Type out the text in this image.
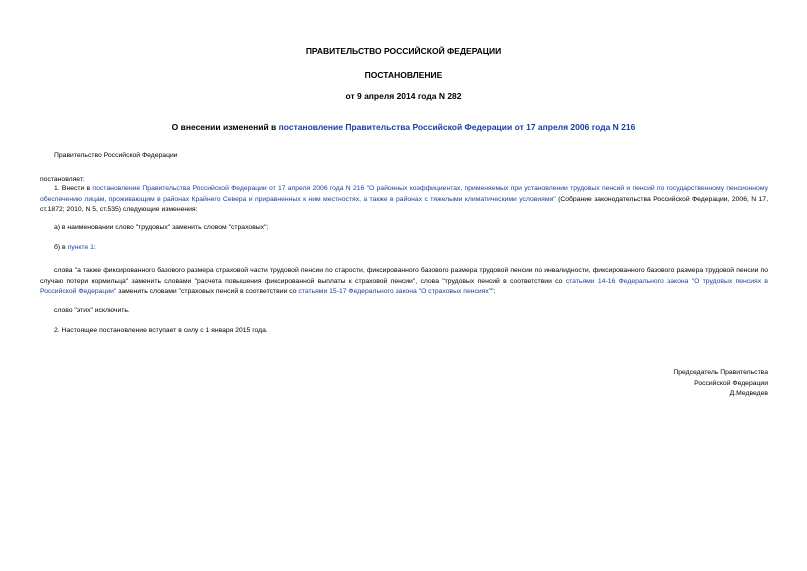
ПРАВИТЕЛЬСТВО РОССИЙСКОЙ ФЕДЕРАЦИИ
ПОСТАНОВЛЕНИЕ
от 9 апреля 2014 года N 282
О внесении изменений в постановление Правительства Российской Федерации от 17 апреля 2006 года N 216
Правительство Российской Федерации
постановляет:
1. Внести в постановление Правительства Российской Федерации от 17 апреля 2006 года N 216 "О районных коэффициентах, применяемых при установлении трудовых пенсий и пенсий по государственному пенсионному обеспечению лицам, проживающим в районах Крайнего Севера и приравненных к ним местностях, а также в районах с тяжелыми климатическими условиями" (Собрание законодательства Российской Федерации, 2006, N 17, ст.1872; 2010, N 5, ст.535) следующие изменения:
а) в наименовании слово "трудовых" заменить словом "страховых";
б) в пункте 1:
слова "а также фиксированного базового размера страховой части трудовой пенсии по старости, фиксированного базового размера трудовой пенсии по инвалидности, фиксированного базового размера трудовой пенсии по случаю потери кормильца" заменить словами "расчета повышения фиксированной выплаты к страховой пенсии", слова "трудовых пенсий в соответствии со статьями 14-16 Федерального закона "О трудовых пенсиях в Российской Федерации" заменить словами "страховых пенсий в соответствии со статьями 15-17 Федерального закона "О страховых пенсиях"";
слово "этих" исключить.
2. Настоящее постановление вступает в силу с 1 января 2015 года.
Председатель Правительства
Российской Федерации
Д.Медведев
